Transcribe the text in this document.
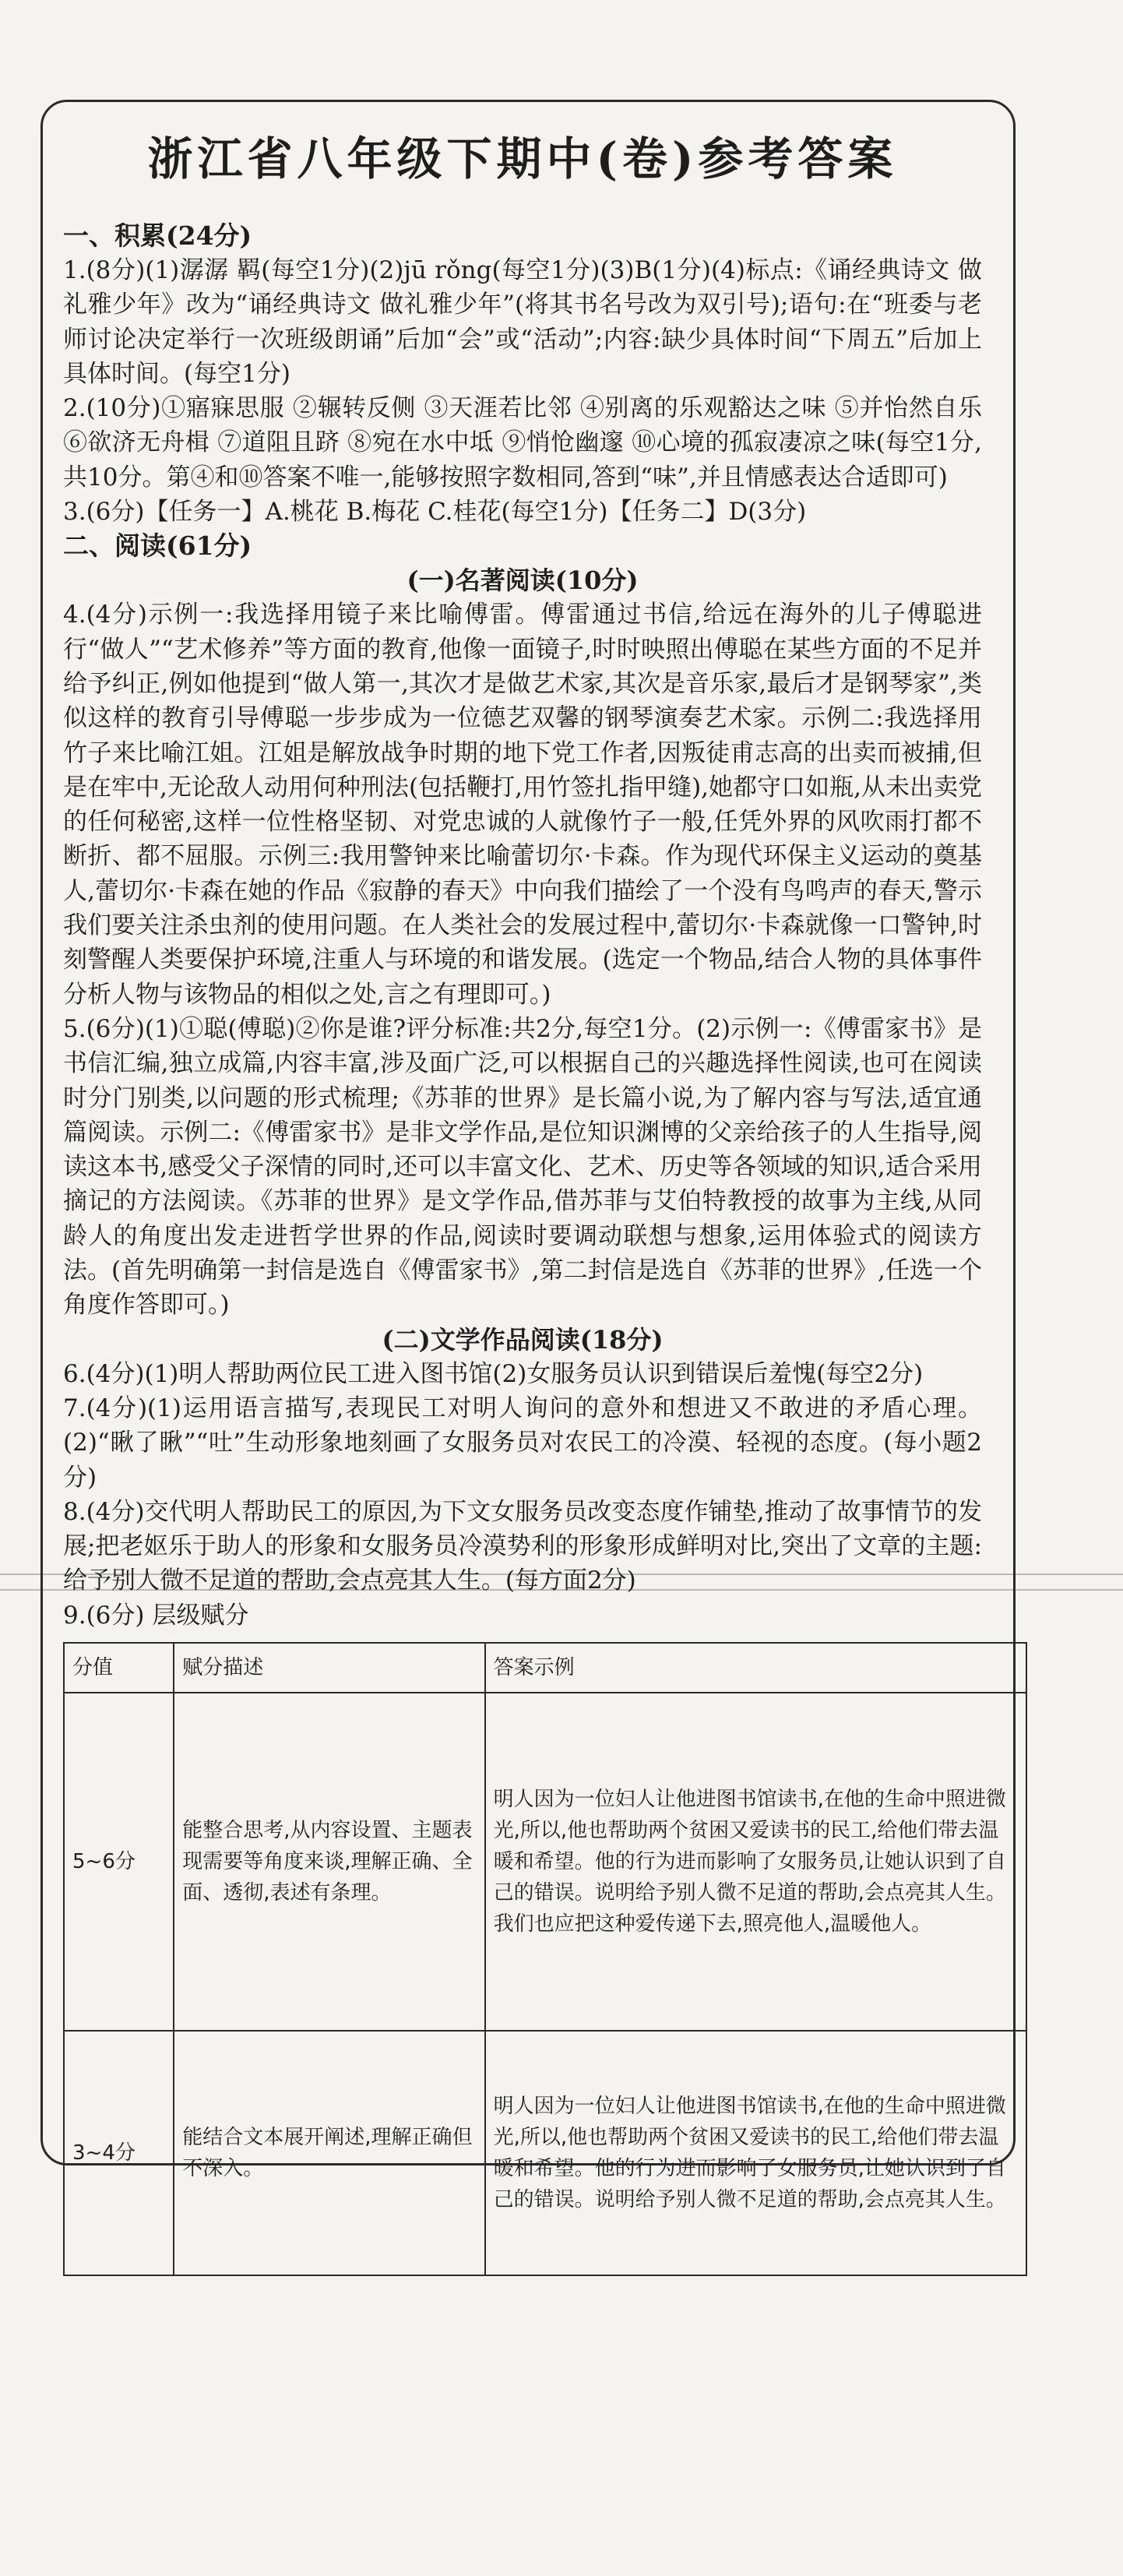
浙江省八年级下期中(卷)参考答案
一、积累(24分)

1.(8分)(1)潺潺 羁(每空1分)(2)jū rǒng(每空1分)(3)B(1分)(4)标点:《诵经典诗文 做礼雅少年》改为“诵经典诗文 做礼雅少年”(将其书名号改为双引号);语句:在“班委与老师讨论决定举行一次班级朗诵”后加“会”或“活动”;内容:缺少具体时间“下周五”后加上具体时间。(每空1分)

2.(10分)①寤寐思服 ②辗转反侧 ③天涯若比邻 ④别离的乐观豁达之味 ⑤并怡然自乐⑥欲济无舟楫 ⑦道阻且跻 ⑧宛在水中坻 ⑨悄怆幽邃 ⑩心境的孤寂凄凉之味(每空1分,共10分。第④和⑩答案不唯一,能够按照字数相同,答到“味”,并且情感表达合适即可)

3.(6分)【任务一】A.桃花 B.梅花 C.桂花(每空1分)【任务二】D(3分)

二、阅读(61分)
(一)名著阅读(10分)

4.(4分)示例一:我选择用镜子来比喻傅雷。傅雷通过书信,给远在海外的儿子傅聪进行“做人”“艺术修养”等方面的教育,他像一面镜子,时时映照出傅聪在某些方面的不足并给予纠正,例如他提到“做人第一,其次才是做艺术家,其次是音乐家,最后才是钢琴家”,类似这样的教育引导傅聪一步步成为一位德艺双馨的钢琴演奏艺术家。示例二:我选择用竹子来比喻江姐。江姐是解放战争时期的地下党工作者,因叛徒甫志高的出卖而被捕,但是在牢中,无论敌人动用何种刑法(包括鞭打,用竹签扎指甲缝),她都守口如瓶,从未出卖党的任何秘密,这样一位性格坚韧、对党忠诚的人就像竹子一般,任凭外界的风吹雨打都不断折、都不屈服。示例三:我用警钟来比喻蕾切尔·卡森。作为现代环保主义运动的奠基人,蕾切尔·卡森在她的作品《寂静的春天》中向我们描绘了一个没有鸟鸣声的春天,警示我们要关注杀虫剂的使用问题。在人类社会的发展过程中,蕾切尔·卡森就像一口警钟,时刻警醒人类要保护环境,注重人与环境的和谐发展。(选定一个物品,结合人物的具体事件分析人物与该物品的相似之处,言之有理即可。)

5.(6分)(1)①聪(傅聪)②你是谁?评分标准:共2分,每空1分。(2)示例一:《傅雷家书》是书信汇编,独立成篇,内容丰富,涉及面广泛,可以根据自己的兴趣选择性阅读,也可在阅读时分门别类,以问题的形式梳理;《苏菲的世界》是长篇小说,为了解内容与写法,适宜通篇阅读。示例二:《傅雷家书》是非文学作品,是位知识渊博的父亲给孩子的人生指导,阅读这本书,感受父子深情的同时,还可以丰富文化、艺术、历史等各领域的知识,适合采用摘记的方法阅读。《苏菲的世界》是文学作品,借苏菲与艾伯特教授的故事为主线,从同龄人的角度出发走进哲学世界的作品,阅读时要调动联想与想象,运用体验式的阅读方法。(首先明确第一封信是选自《傅雷家书》,第二封信是选自《苏菲的世界》,任选一个角度作答即可。)

(二)文学作品阅读(18分)

6.(4分)(1)明人帮助两位民工进入图书馆(2)女服务员认识到错误后羞愧(每空2分)

7.(4分)(1)运用语言描写,表现民工对明人询问的意外和想进又不敢进的矛盾心理。(2)“瞅了瞅”“吐”生动形象地刻画了女服务员对农民工的冷漠、轻视的态度。(每小题2分)

8.(4分)交代明人帮助民工的原因,为下文女服务员改变态度作铺垫,推动了故事情节的发展;把老妪乐于助人的形象和女服务员冷漠势利的形象形成鲜明对比,突出了文章的主题:给予别人微不足道的帮助,会点亮其人生。(每方面2分)

9.(6分) 层级赋分

分值	赋分描述	答案示例
5~6分	能整合思考,从内容设置、主题表现需要等角度来谈,理解正确、全面、透彻,表述有条理。	明人因为一位妇人让他进图书馆读书,在他的生命中照进微光,所以,他也帮助两个贫困又爱读书的民工,给他们带去温暖和希望。他的行为进而影响了女服务员,让她认识到了自己的错误。说明给予别人微不足道的帮助,会点亮其人生。我们也应把这种爱传递下去,照亮他人,温暖他人。
3~4分	能结合文本展开阐述,理解正确但不深入。	明人因为一位妇人让他进图书馆读书,在他的生命中照进微光,所以,他也帮助两个贫困又爱读书的民工,给他们带去温暖和希望。他的行为进而影响了女服务员,让她认识到了自己的错误。说明给予别人微不足道的帮助,会点亮其人生。
